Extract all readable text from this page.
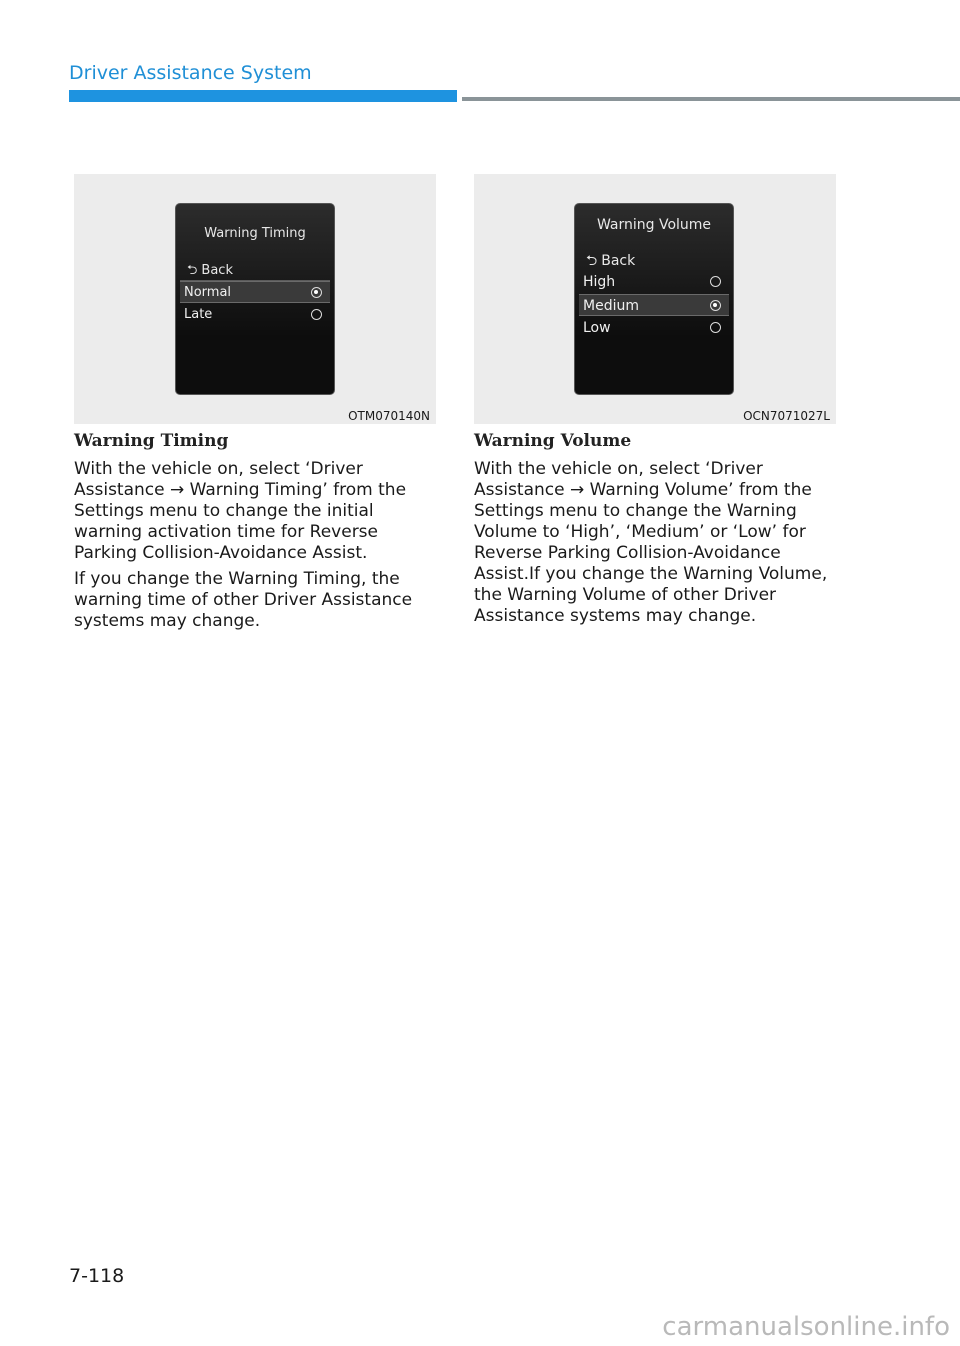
Driver Assistance System
Warning Timing
⮌ Back
Normal
Late
OTM070140N
Warning Volume
⮌ Back
High
Medium
Low
OCN7071027L
Warning Timing

With the vehicle on, select ‘Driver Assistance → Warning Timing’ from the Settings menu to change the initial warning activation time for Reverse Parking Collision-Avoidance Assist.

If you change the Warning Timing, the warning time of other Driver Assistance systems may change.

Warning Volume

With the vehicle on, select ‘Driver Assistance → Warning Volume’ from the Settings menu to change the Warning Volume to ‘High’, ‘Medium’ or ‘Low’ for Reverse Parking Collision-Avoidance Assist.If you change the Warning Volume, the Warning Volume of other Driver Assistance systems may change.

7-118
carmanualsonline.info
